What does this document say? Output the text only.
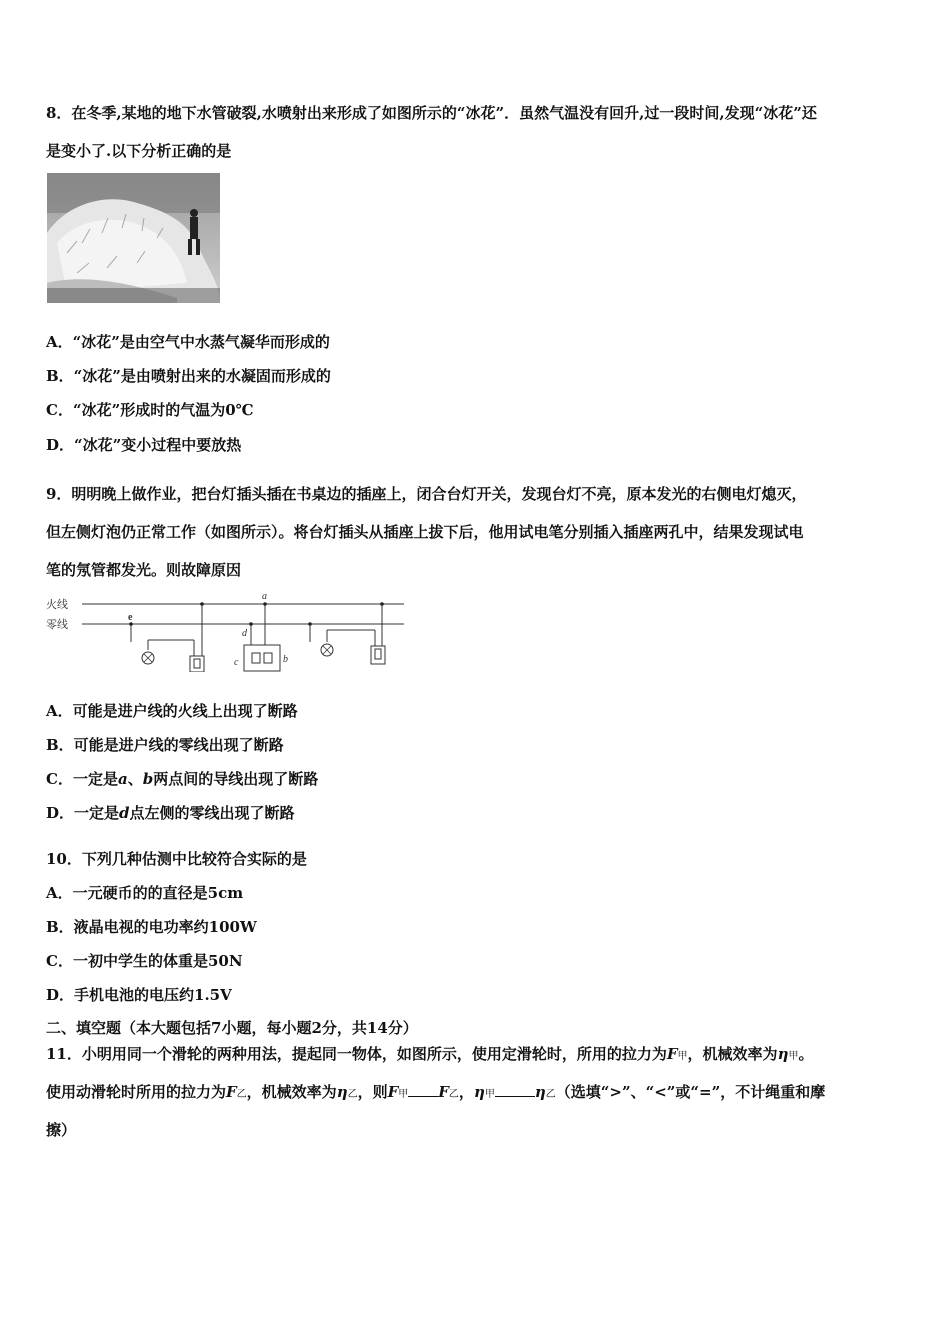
8．在冬季,某地的地下水管破裂,水喷射出来形成了如图所示的“冰花”．虽然气温没有回升,过一段时间,发现“冰花”还
是变小了.以下分析正确的是
A．“冰花”是由空气中水蒸气凝华而形成的
B．“冰花”是由喷射出来的水凝固而形成的
C．“冰花”形成时的气温为0℃
D．“冰花”变小过程中要放热
9．明明晚上做作业，把台灯插头插在书桌边的插座上，闭合台灯开关，发现台灯不亮，原本发光的右侧电灯熄灭，
但左侧灯泡仍正常工作（如图所示）。将台灯插头从插座上拔下后，他用试电笔分别插入插座两孔中，结果发现试电
笔的氖管都发光。则故障原因
火线
零线
a
b
c
d
e
A．可能是进户线的火线上出现了断路
B．可能是进户线的零线出现了断路
C．一定是a、b两点间的导线出现了断路
D．一定是d点左侧的零线出现了断路
10．下列几种估测中比较符合实际的是
A．一元硬币的的直径是5cm
B．液晶电视的电功率约100W
C．一初中学生的体重是50N
D．手机电池的电压约1.5V
二、填空题（本大题包括7小题，每小题2分，共14分）
11．小明用同一个滑轮的两种用法，提起同一物体，如图所示，使用定滑轮时，所用的拉力为F甲，机械效率为η甲。
使用动滑轮时所用的拉力为F乙，机械效率为η乙，则F甲 F乙，η甲	η乙（选填“>”、“<”或“=”，不计绳重和摩
擦）
